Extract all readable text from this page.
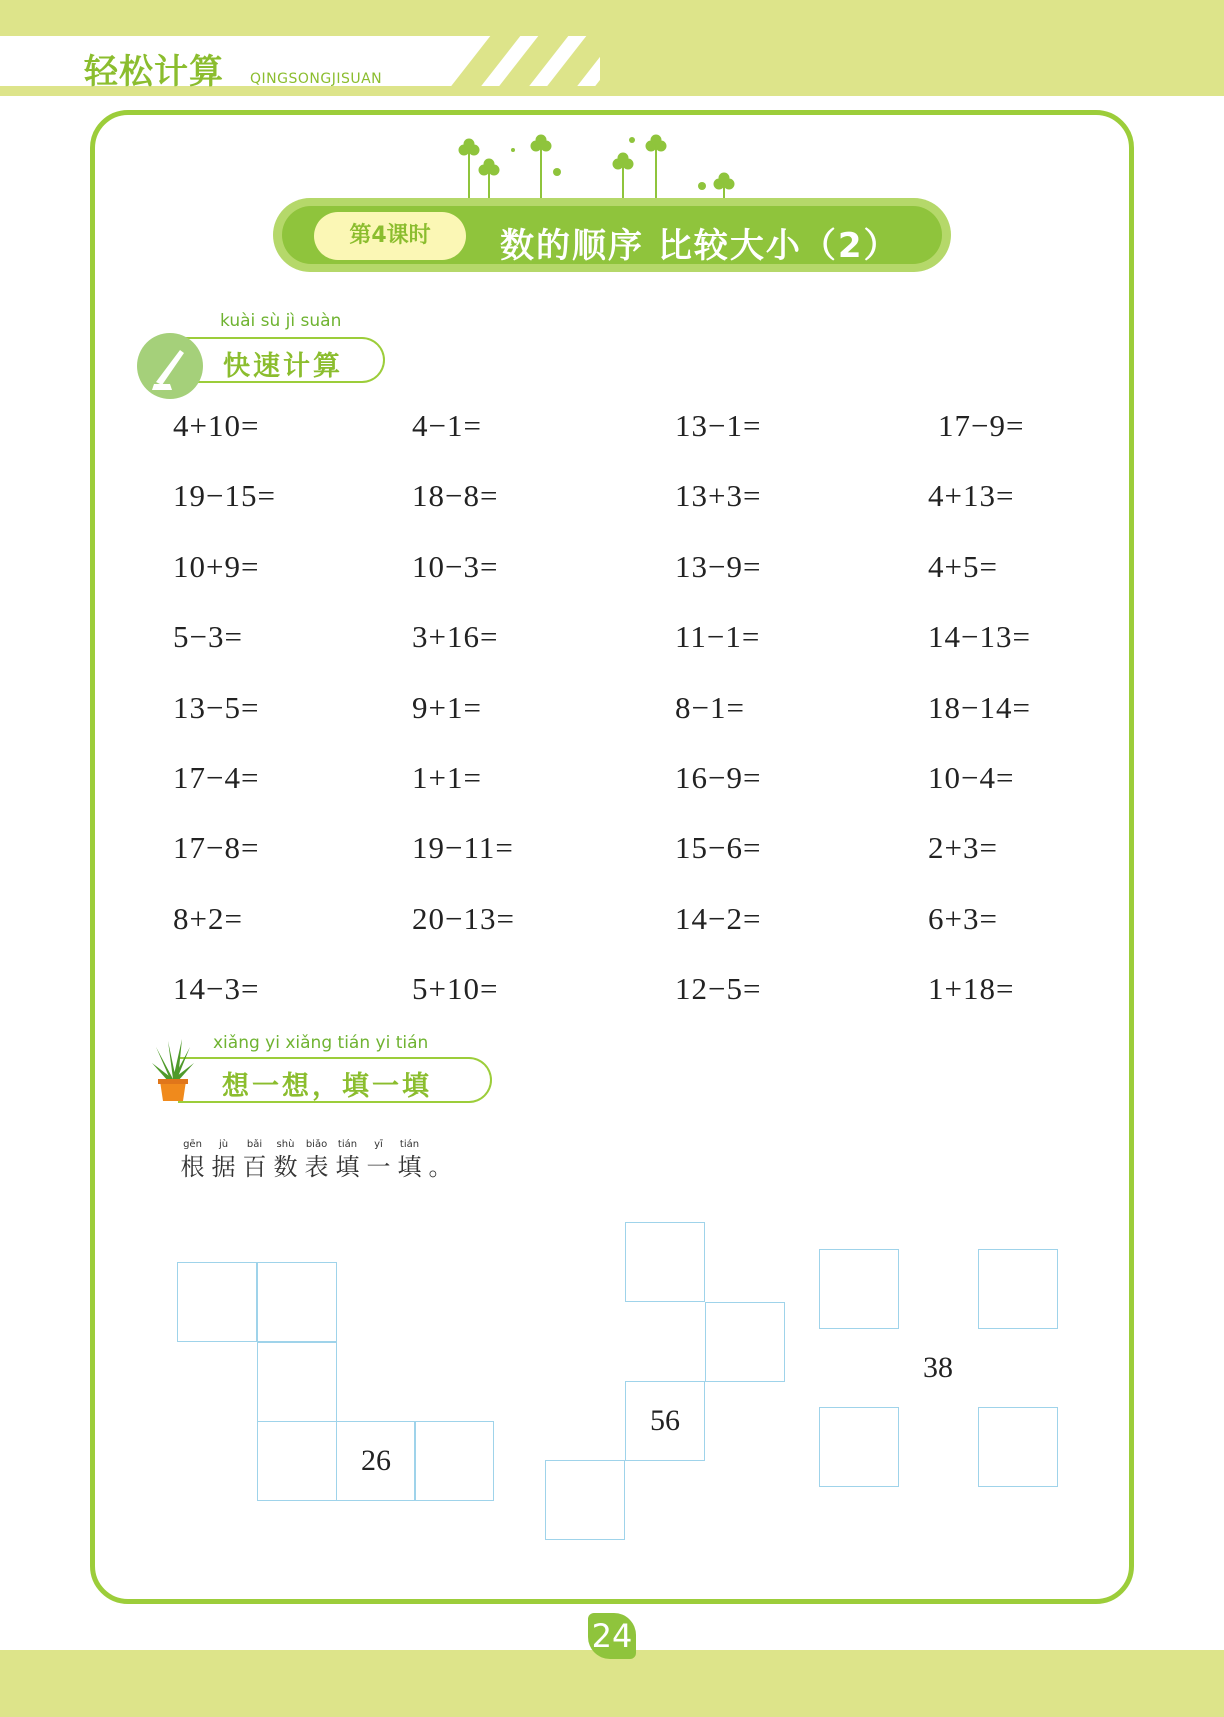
轻松计算 QINGSONGJISUAN
第4课时	数的顺序 比较大小（2）
kuài sù jì suàn
快速计算
4+10=	4−1=	13−1=	17−9=
19−15=	18−8=	13+3=	4+13=
10+9=	10−3=	13−9=	4+5=
5−3=	3+16=	11−1=	14−13=
13−5=	9+1=	8−1=	18−14=
17−4=	1+1=	16−9=	10−4=
17−8=	19−11=	15−6=	2+3=
8+2=	20−13=	14−2=	6+3=
14−3=	5+10=	12−5=	1+18=
xiǎng yi xiǎng tián yi tián
想一想，填一填
gēn
根
jù
据
bǎi
百
shù
数
biǎo
表
tián
填
yī
一
tián
填 。
26
56
38
24
